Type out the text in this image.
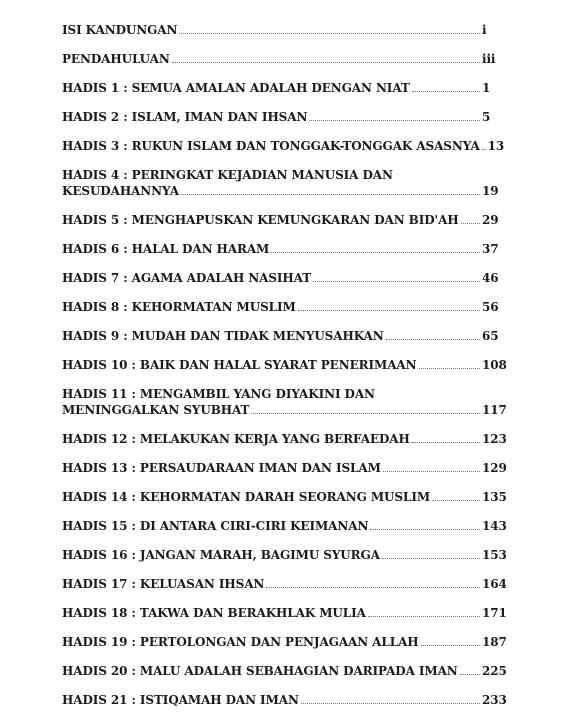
ISI KANDUNGAN	i
PENDAHULUAN	iii
HADIS 1 : SEMUA AMALAN ADALAH DENGAN NIAT	1
HADIS 2 : ISLAM, IMAN DAN IHSAN	5
HADIS 3 : RUKUN ISLAM DAN TONGGAK-TONGGAK ASASNYA 13
HADIS 4 : PERINGKAT KEJADIAN MANUSIA DAN
KESUDAHANNYA	19
HADIS 5 : MENGHAPUSKAN KEMUNGKARAN DAN BID'AH 29
HADIS 6 : HALAL DAN HARAM	37
HADIS 7 : AGAMA ADALAH NASIHAT	46
HADIS 8 : KEHORMATAN MUSLIM	56
HADIS 9 : MUDAH DAN TIDAK MENYUSAHKAN	65
HADIS 10 : BAIK DAN HALAL SYARAT PENERIMAAN	108
HADIS 11 : MENGAMBIL YANG DIYAKINI DAN
MENINGGALKAN SYUBHAT	117
HADIS 12 : MELAKUKAN KERJA YANG BERFAEDAH	123
HADIS 13 : PERSAUDARAAN IMAN DAN ISLAM	129
HADIS 14 : KEHORMATAN DARAH SEORANG MUSLIM	135
HADIS 15 : DI ANTARA CIRI-CIRI KEIMANAN	143
HADIS 16 : JANGAN MARAH, BAGIMU SYURGA	153
HADIS 17 : KELUASAN IHSAN	164
HADIS 18 : TAKWA DAN BERAKHLAK MULIA	171
HADIS 19 : PERTOLONGAN DAN PENJAGAAN ALLAH	187
HADIS 20 : MALU ADALAH SEBAHAGIAN DARIPADA IMAN 225
HADIS 21 : ISTIQAMAH DAN IMAN	233
